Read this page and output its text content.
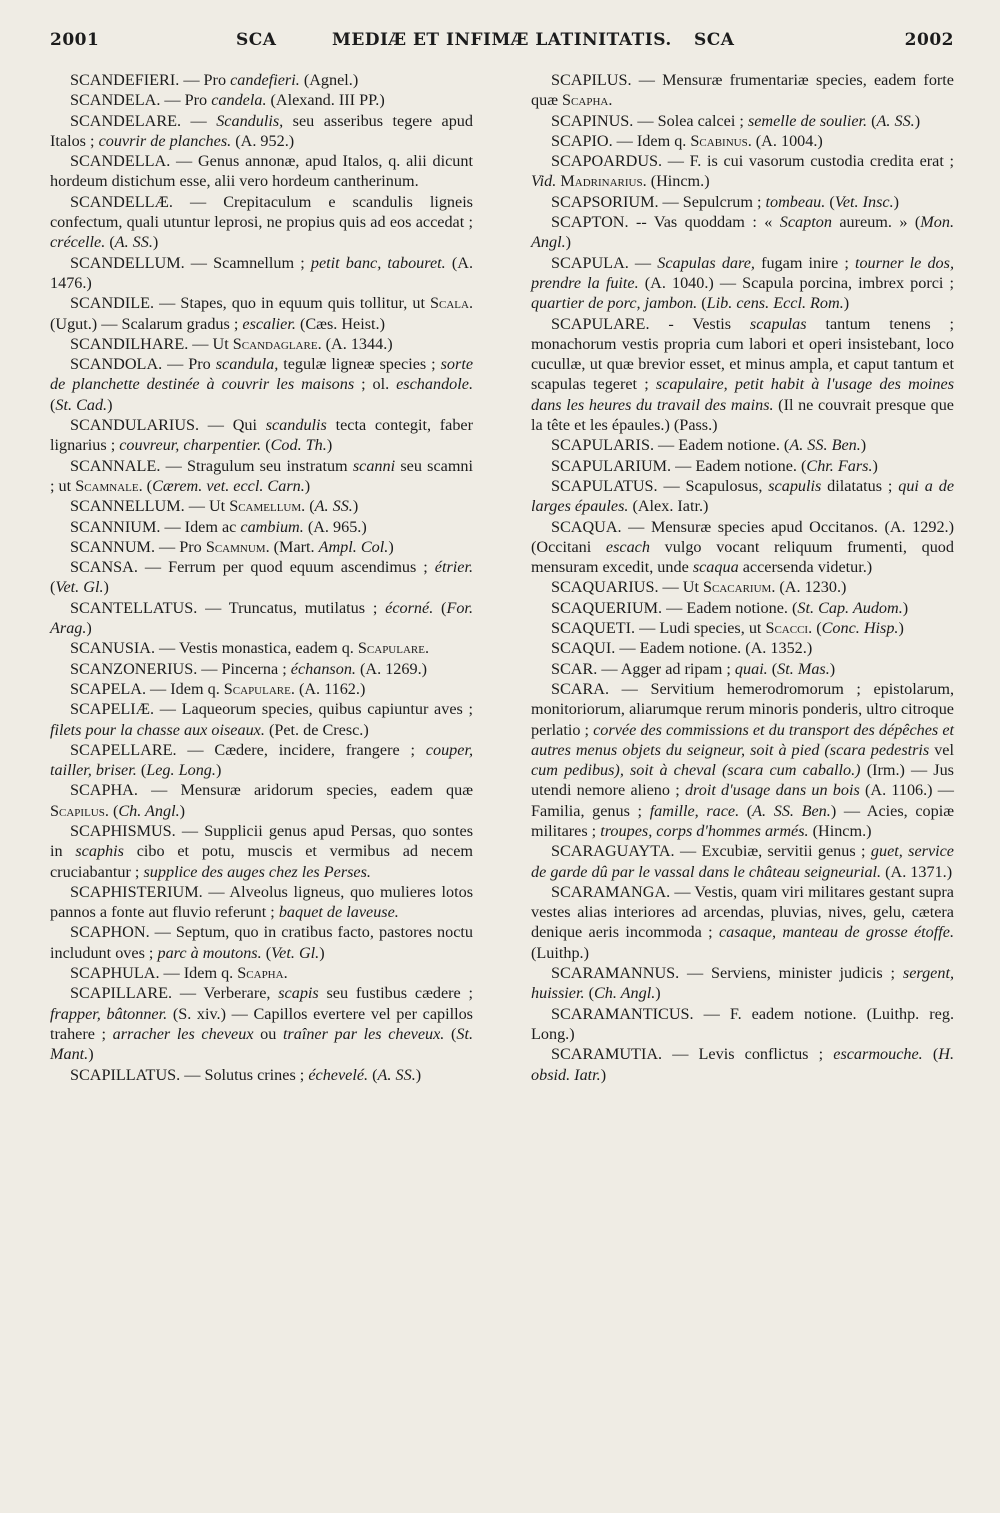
2001	SCA	MEDIÆ ET INFIMÆ LATINITATIS. SCA	2002

SCANDEFIERI. — Pro candefieri. (Agnel.)

SCANDELA. — Pro candela. (Alexand. III PP.)

SCANDELARE. — Scandulis, seu asseribus tegere apud Italos ; couvrir de planches. (A. 952.)

SCANDELLA. — Genus annonæ, apud Italos, q. alii dicunt hordeum distichum esse, alii vero hordeum cantherinum.

SCANDELLÆ. — Crepitaculum e scandulis ligneis confectum, quali utuntur leprosi, ne propius quis ad eos accedat ; crécelle. (A. SS.)

SCANDELLUM. — Scamnellum ; petit banc, tabouret. (A. 1476.)

SCANDILE. — Stapes, quo in equum quis tollitur, ut Scala. (Ugut.) — Scalarum gradus ; escalier. (Cæs. Heist.)

SCANDILHARE. — Ut Scandaglare. (A. 1344.)

SCANDOLA. — Pro scandula, tegulæ ligneæ species ; sorte de planchette destinée à couvrir les maisons ; ol. eschandole. (St. Cad.)

SCANDULARIUS. — Qui scandulis tecta contegit, faber lignarius ; couvreur, charpentier. (Cod. Th.)

SCANNALE. — Stragulum seu instratum scanni seu scamni ; ut Scamnale. (Cærem. vet. eccl. Carn.)

SCANNELLUM. — Ut Scamellum. (A. SS.)

SCANNIUM. — Idem ac cambium. (A. 965.)

SCANNUM. — Pro Scamnum. (Mart. Ampl. Col.)

SCANSA. — Ferrum per quod equum ascendimus ; étrier. (Vet. Gl.)

SCANTELLATUS. — Truncatus, mutilatus ; écorné. (For. Arag.)

SCANUSIA. — Vestis monastica, eadem q. Scapulare.

SCANZONERIUS. — Pincerna ; échanson. (A. 1269.)

SCAPELA. — Idem q. Scapulare. (A. 1162.)

SCAPELIÆ. — Laqueorum species, quibus capiuntur aves ; filets pour la chasse aux oiseaux. (Pet. de Cresc.)

SCAPELLARE. — Cædere, incidere, frangere ; couper, tailler, briser. (Leg. Long.)

SCAPHA. — Mensuræ aridorum species, eadem quæ Scapilus. (Ch. Angl.)

SCAPHISMUS. — Supplicii genus apud Persas, quo sontes in scaphis cibo et potu, muscis et vermibus ad necem cruciabantur ; supplice des auges chez les Perses.

SCAPHISTERIUM. — Alveolus ligneus, quo mulieres lotos pannos a fonte aut fluvio referunt ; baquet de laveuse.

SCAPHON. — Septum, quo in cratibus facto, pastores noctu includunt oves ; parc à moutons. (Vet. Gl.)

SCAPHULA. — Idem q. Scapha.

SCAPILLARE. — Verberare, scapis seu fustibus cædere ; frapper, bâtonner. (S. xiv.) — Capillos evertere vel per capillos trahere ; arracher les cheveux ou traîner par les cheveux. (St. Mant.)

SCAPILLATUS. — Solutus crines ; échevelé. (A. SS.)

SCAPILUS. — Mensuræ frumentariæ species, eadem forte quæ Scapha.

SCAPINUS. — Solea calcei ; semelle de soulier. (A. SS.)

SCAPIO. — Idem q. Scabinus. (A. 1004.)

SCAPOARDUS. — F. is cui vasorum custodia credita erat ; Vid. Madrinarius. (Hincm.)

SCAPSORIUM. — Sepulcrum ; tombeau. (Vet. Insc.)

SCAPTON. -- Vas quoddam : « Scapton aureum. » (Mon. Angl.)

SCAPULA. — Scapulas dare, fugam inire ; tourner le dos, prendre la fuite. (A. 1040.) — Scapula porcina, imbrex porci ; quartier de porc, jambon. (Lib. cens. Eccl. Rom.)

SCAPULARE. - Vestis scapulas tantum tenens ; monachorum vestis propria cum labori et operi insistebant, loco cucullæ, ut quæ brevior esset, et minus ampla, et caput tantum et scapulas tegeret ; scapulaire, petit habit à l'usage des moines dans les heures du travail des mains. (Il ne couvrait presque que la tête et les épaules.) (Pass.)

SCAPULARIS. — Eadem notione. (A. SS. Ben.)

SCAPULARIUM. — Eadem notione. (Chr. Fars.)

SCAPULATUS. — Scapulosus, scapulis dilatatus ; qui a de larges épaules. (Alex. Iatr.)

SCAQUA. — Mensuræ species apud Occitanos. (A. 1292.) (Occitani escach vulgo vocant reliquum frumenti, quod mensuram excedit, unde scaqua accersenda videtur.)

SCAQUARIUS. — Ut Scacarium. (A. 1230.)

SCAQUERIUM. — Eadem notione. (St. Cap. Audom.)

SCAQUETI. — Ludi species, ut Scacci. (Conc. Hisp.)

SCAQUI. — Eadem notione. (A. 1352.)

SCAR. — Agger ad ripam ; quai. (St. Mas.)

SCARA. — Servitium hemerodromorum ; epistolarum, monitoriorum, aliarumque rerum minoris ponderis, ultro citroque perlatio ; corvée des commissions et du transport des dépêches et autres menus objets du seigneur, soit à pied (scara pedestris vel cum pedibus), soit à cheval (scara cum caballo.) (Irm.) — Jus utendi nemore alieno ; droit d'usage dans un bois (A. 1106.) — Familia, genus ; famille, race. (A. SS. Ben.) — Acies, copiæ militares ; troupes, corps d'hommes armés. (Hincm.)

SCARAGUAYTA. — Excubiæ, servitii genus ; guet, service de garde dû par le vassal dans le château seigneurial. (A. 1371.)

SCARAMANGA. — Vestis, quam viri militares gestant supra vestes alias interiores ad arcendas, pluvias, nives, gelu, cætera denique aeris incommoda ; casaque, manteau de grosse étoffe. (Luithp.)

SCARAMANNUS. — Serviens, minister judicis ; sergent, huissier. (Ch. Angl.)

SCARAMANTICUS. — F. eadem notione. (Luithp. reg. Long.)

SCARAMUTIA. — Levis conflictus ; escarmouche. (H. obsid. Iatr.)
